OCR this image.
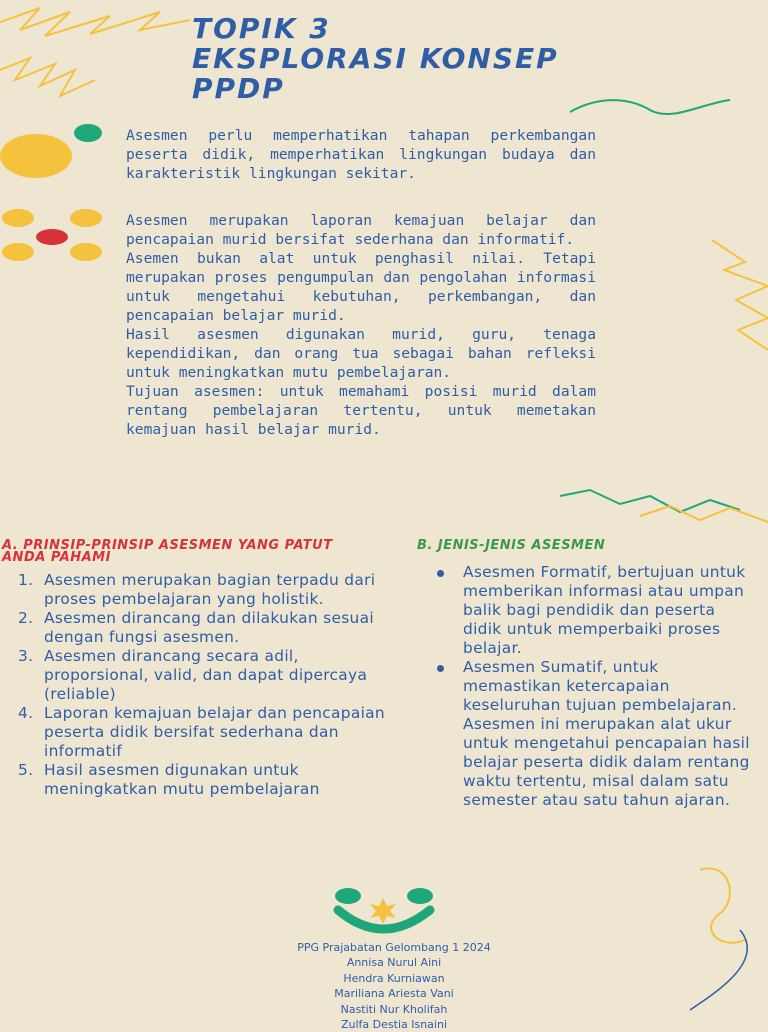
TOPIK 3
EKSPLORASI KONSEP
PPDP

Asesmen perlu memperhatikan tahapan perkembangan peserta didik, memperhatikan lingkungan budaya dan karakteristik lingkungan sekitar.

Asesmen merupakan laporan kemajuan belajar dan pencapaian murid bersifat sederhana dan informatif.

Asemen bukan alat untuk penghasil nilai. Tetapi merupakan proses pengumpulan dan pengolahan informasi untuk mengetahui kebutuhan, perkembangan, dan pencapaian belajar murid.

Hasil asesmen digunakan murid, guru, tenaga kependidikan, dan orang tua sebagai bahan refleksi untuk meningkatkan mutu pembelajaran.

Tujuan asesmen: untuk memahami posisi murid dalam rentang pembelajaran tertentu, untuk memetakan kemajuan hasil belajar murid.

A. PRINSIP-PRINSIP ASESMEN YANG PATUT ANDA PAHAMI
1. Asesmen merupakan bagian terpadu dari proses pembelajaran yang holistik.
2. Asesmen dirancang dan dilakukan sesuai dengan fungsi asesmen.
3. Asesmen dirancang secara adil, proporsional, valid, dan dapat dipercaya (reliable)
4. Laporan kemajuan belajar dan pencapaian peserta didik bersifat sederhana dan informatif
5. Hasil asesmen digunakan untuk meningkatkan mutu pembelajaran
B. JENIS-JENIS ASESMEN
Asesmen Formatif, bertujuan untuk memberikan informasi atau umpan balik bagi pendidik dan peserta didik untuk memperbaiki proses belajar.
Asesmen Sumatif, untuk memastikan ketercapaian keseluruhan tujuan pembelajaran. Asesmen ini merupakan alat ukur untuk mengetahui pencapaian hasil belajar peserta didik dalam rentang waktu tertentu, misal dalam satu semester atau satu tahun ajaran.
PPG Prajabatan Gelombang 1 2024
Annisa Nurul Aini
Hendra Kurniawan
Mariliana Ariesta Vani
Nastiti Nur Kholifah
Zulfa Destia Isnaini
